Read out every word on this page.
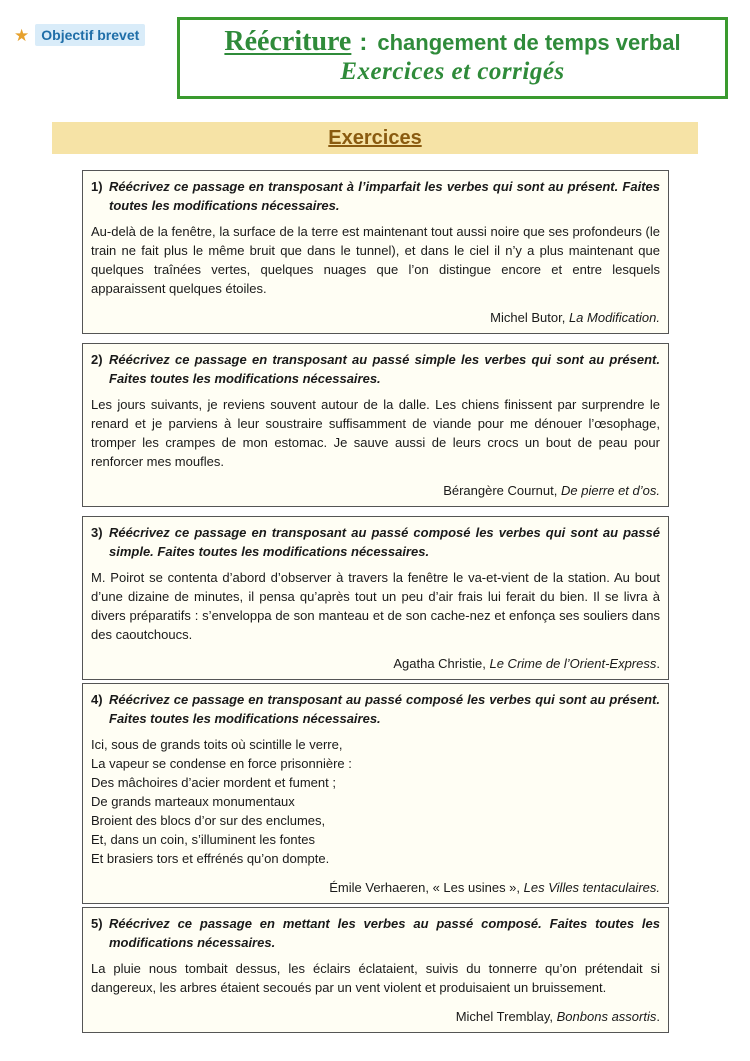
★ Objectif brevet	Réécriture : changement de temps verbal
Exercices et corrigés
Exercices
1) Réécrivez ce passage en transposant à l’imparfait les verbes qui sont au présent. Faites toutes les modifications nécessaires.
Au-delà de la fenêtre, la surface de la terre est maintenant tout aussi noire que ses profondeurs (le train ne fait plus le même bruit que dans le tunnel), et dans le ciel il n’y a plus maintenant que quelques traînées vertes, quelques nuages que l’on distingue encore et entre lesquels apparaissent quelques étoiles.
Michel Butor, La Modification.
2) Réécrivez ce passage en transposant au passé simple les verbes qui sont au présent. Faites toutes les modifications nécessaires.
Les jours suivants, je reviens souvent autour de la dalle. Les chiens finissent par surprendre le renard et je parviens à leur soustraire suffisamment de viande pour me dénouer l’œsophage, tromper les crampes de mon estomac. Je sauve aussi de leurs crocs un bout de peau pour renforcer mes moufles.
Bérangère Cournut, De pierre et d’os.
3) Réécrivez ce passage en transposant au passé composé les verbes qui sont au passé simple. Faites toutes les modifications nécessaires.
M. Poirot se contenta d’abord d’observer à travers la fenêtre le va-et-vient de la station. Au bout d’une dizaine de minutes, il pensa qu’après tout un peu d’air frais lui ferait du bien. Il se livra à divers préparatifs : s’enveloppa de son manteau et de son cache-nez et enfonça ses souliers dans des caoutchoucs.
Agatha Christie, Le Crime de l’Orient-Express.
4) Réécrivez ce passage en transposant au passé composé les verbes qui sont au présent. Faites toutes les modifications nécessaires.
Ici, sous de grands toits où scintille le verre,
La vapeur se condense en force prisonnière :
Des mâchoires d’acier mordent et fument ;
De grands marteaux monumentaux
Broient des blocs d’or sur des enclumes,
Et, dans un coin, s’illuminent les fontes
Et brasiers tors et effrénés qu’on dompte.
Émile Verhaeren, « Les usines », Les Villes tentaculaires.
5) Réécrivez ce passage en mettant les verbes au passé composé. Faites toutes les modifications nécessaires.
La pluie nous tombait dessus, les éclairs éclataient, suivis du tonnerre qu’on prétendait si dangereux, les arbres étaient secoués par un vent violent et produisaient un bruissement.
Michel Tremblay, Bonbons assortis.
